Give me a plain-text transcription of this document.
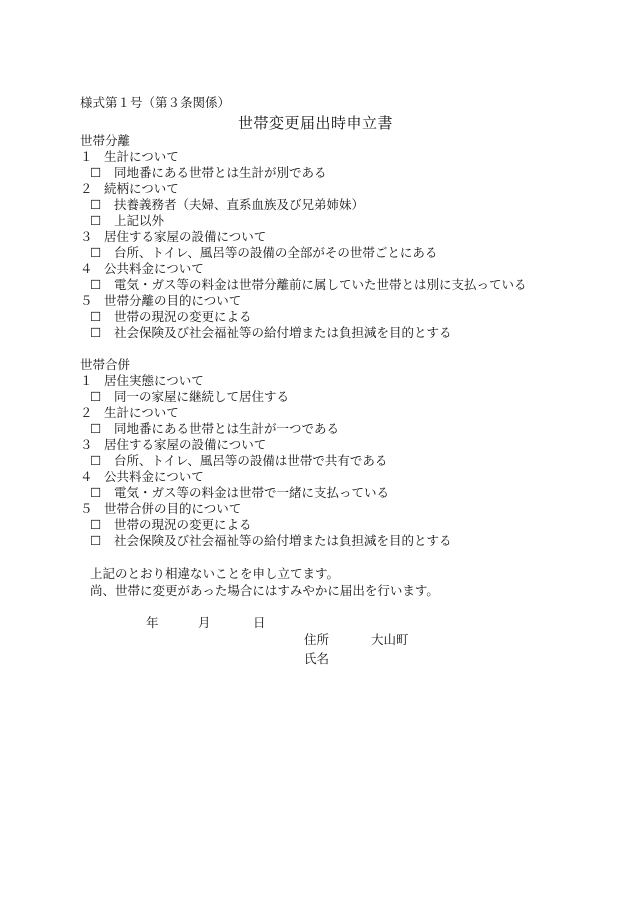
様式第１号（第３条関係）
世帯変更届出時申立書
世帯分離
１ 生計について
☐	同地番にある世帯とは生計が別である
２ 続柄について
☐	扶養義務者（夫婦、直系血族及び兄弟姉妹）
☐	上記以外
３ 居住する家屋の設備について
☐	台所、トイレ、風呂等の設備の全部がその世帯ごとにある
４ 公共料金について
☐	電気・ガス等の料金は世帯分離前に属していた世帯とは別に支払っている
５ 世帯分離の目的について
☐	世帯の現況の変更による
☐	社会保険及び社会福祉等の給付増または負担減を目的とする
世帯合併
１ 居住実態について
☐	同一の家屋に継続して居住する
２ 生計について
☐	同地番にある世帯とは生計が一つである
３ 居住する家屋の設備について
☐	台所、トイレ、風呂等の設備は世帯で共有である
４ 公共料金について
☐	電気・ガス等の料金は世帯で一緒に支払っている
５ 世帯合併の目的について
☐	世帯の現況の変更による
☐	社会保険及び社会福祉等の給付増または負担減を目的とする
上記のとおり相違ないことを申し立てます。
尚、世帯に変更があった場合にはすみやかに届出を行います。
年	月	日
住所	大山町
氏名
